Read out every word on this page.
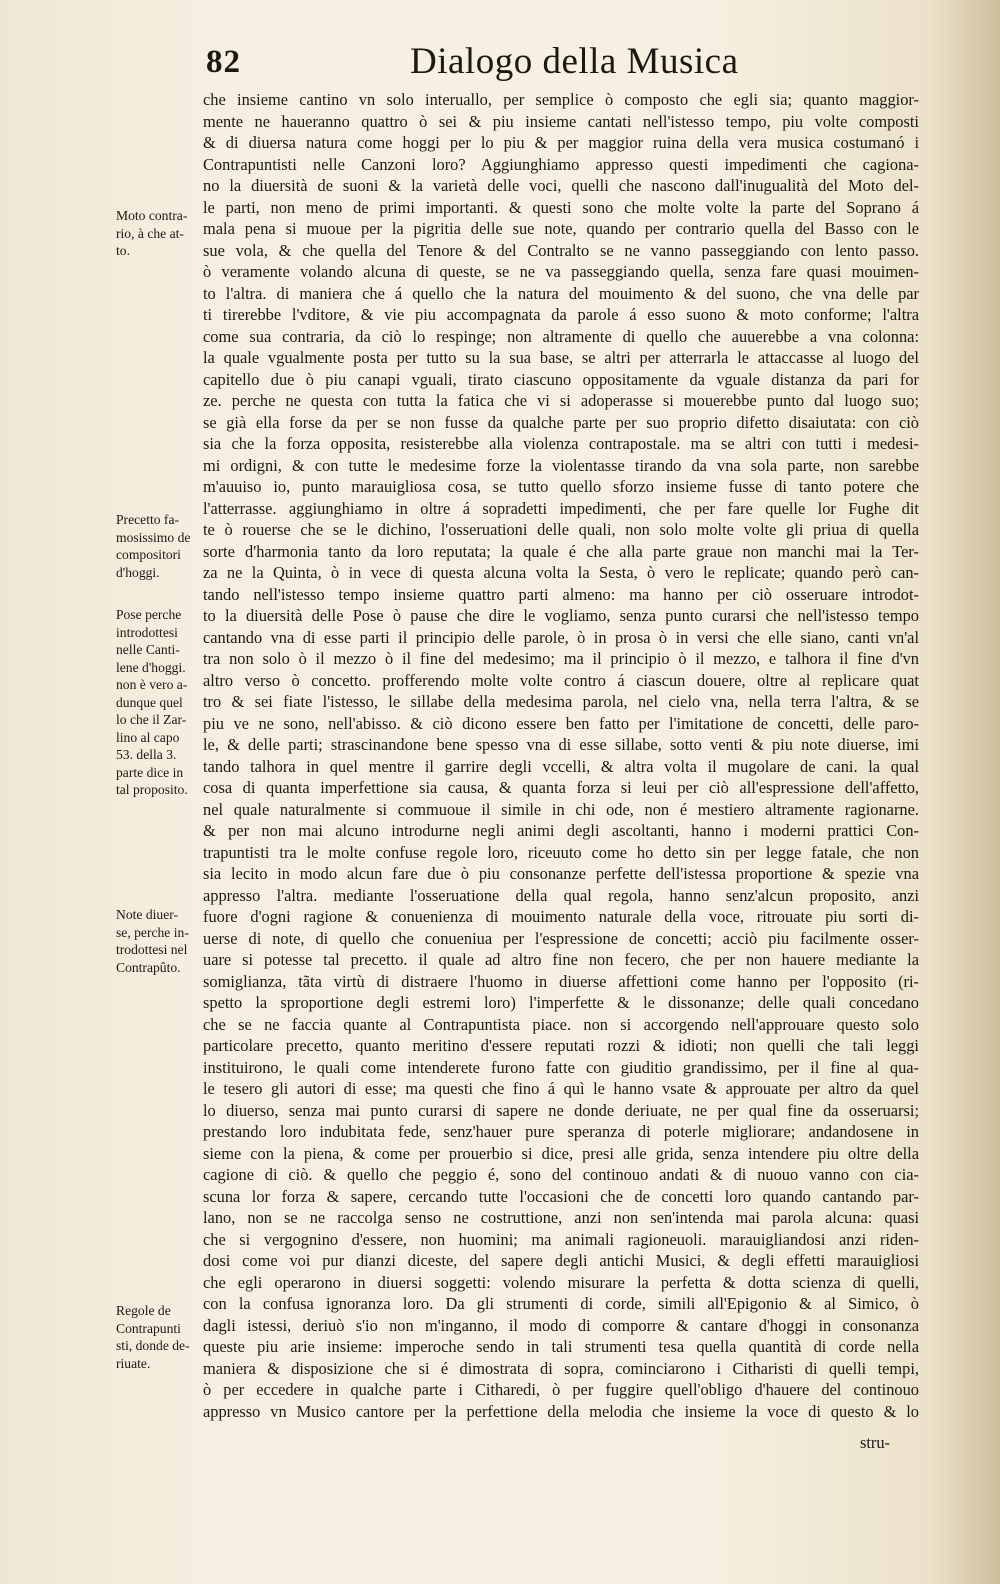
82	Dialogo della Musica
che insieme cantino vn solo interuallo, per semplice ò composto che egli sia; quanto maggior-
mente ne haueranno quattro ò sei & piu insieme cantati nell'istesso tempo, piu volte composti
& di diuersa natura come hoggi per lo piu & per maggior ruina della vera musica costumanó i
Contrapuntisti nelle Canzoni loro? Aggiunghiamo appresso questi impedimenti che cagiona-
no la diuersità de suoni & la varietà delle voci, quelli che nascono dall'inugualità del Moto del-
le parti, non meno de primi importanti. & questi sono che molte volte la parte del Soprano á
mala pena si muoue per la pigritia delle sue note, quando per contrario quella del Basso con le
sue vola, & che quella del Tenore & del Contralto se ne vanno passeggiando con lento passo.
ò veramente volando alcuna di queste, se ne va passeggiando quella, senza fare quasi mouimen-
to l'altra. di maniera che á quello che la natura del mouimento & del suono, che vna delle par
ti tirerebbe l'vditore, & vie piu accompagnata da parole á esso suono & moto conforme; l'altra
come sua contraria, da ciò lo respinge; non altramente di quello che auuerebbe a vna colonna:
la quale vgualmente posta per tutto su la sua base, se altri per atterrarla le attaccasse al luogo del
capitello due ò piu canapi vguali, tirato ciascuno oppositamente da vguale distanza da pari for
ze. perche ne questa con tutta la fatica che vi si adoperasse si mouerebbe punto dal luogo suo;
se già ella forse da per se non fusse da qualche parte per suo proprio difetto disaiutata: con ciò
sia che la forza opposita, resisterebbe alla violenza contrapostale. ma se altri con tutti i medesi-
mi ordigni, & con tutte le medesime forze la violentasse tirando da vna sola parte, non sarebbe
m'auuiso io, punto marauigliosa cosa, se tutto quello sforzo insieme fusse di tanto potere che
l'atterrasse. aggiunghiamo in oltre á sopradetti impedimenti, che per fare quelle lor Fughe dit
te ò rouerse che se le dichino, l'osseruationi delle quali, non solo molte volte gli priua di quella
sorte d'harmonia tanto da loro reputata; la quale é che alla parte graue non manchi mai la Ter-
za ne la Quinta, ò in vece di questa alcuna volta la Sesta, ò vero le replicate; quando però can-
tando nell'istesso tempo insieme quattro parti almeno: ma hanno per ciò osseruare introdot-
to la diuersità delle Pose ò pause che dire le vogliamo, senza punto curarsi che nell'istesso tempo
cantando vna di esse parti il principio delle parole, ò in prosa ò in versi che elle siano, canti vn'al
tra non solo ò il mezzo ò il fine del medesimo; ma il principio ò il mezzo, e talhora il fine d'vn
altro verso ò concetto. profferendo molte volte contro á ciascun douere, oltre al replicare quat
tro & sei fiate l'istesso, le sillabe della medesima parola, nel cielo vna, nella terra l'altra, & se
piu ve ne sono, nell'abisso. & ciò dicono essere ben fatto per l'imitatione de concetti, delle paro-
le, & delle parti; strascinandone bene spesso vna di esse sillabe, sotto venti & piu note diuerse, imi
tando talhora in quel mentre il garrire degli vccelli, & altra volta il mugolare de cani. la qual
cosa di quanta imperfettione sia causa, & quanta forza si leui per ciò all'espressione dell'affetto,
nel quale naturalmente si commuoue il simile in chi ode, non é mestiero altramente ragionarne.
& per non mai alcuno introdurne negli animi degli ascoltanti, hanno i moderni prattici Con-
trapuntisti tra le molte confuse regole loro, riceuuto come ho detto sin per legge fatale, che non
sia lecito in modo alcun fare due ò piu consonanze perfette dell'istessa proportione & spezie vna
appresso l'altra. mediante l'osseruatione della qual regola, hanno senz'alcun proposito, anzi
fuore d'ogni ragione & conuenienza di mouimento naturale della voce, ritrouate piu sorti di-
uerse di note, di quello che conueniua per l'espressione de concetti; acciò piu facilmente osser-
uare si potesse tal precetto. il quale ad altro fine non fecero, che per non hauere mediante la
somiglianza, tãta virtù di distraere l'huomo in diuerse affettioni come hanno per l'opposito (ri-
spetto la sproportione degli estremi loro) l'imperfette & le dissonanze; delle quali concedano
che se ne faccia quante al Contrapuntista piace. non si accorgendo nell'approuare questo solo
particolare precetto, quanto meritino d'essere reputati rozzi & idioti; non quelli che tali leggi
instituirono, le quali come intenderete furono fatte con giuditio grandissimo, per il fine al qua-
le tesero gli autori di esse; ma questi che fino á quì le hanno vsate & approuate per altro da quel
lo diuerso, senza mai punto curarsi di sapere ne donde deriuate, ne per qual fine da osseruarsi;
prestando loro indubitata fede, senz'hauer pure speranza di poterle migliorare; andandosene in
sieme con la piena, & come per prouerbio si dice, presi alle grida, senza intendere piu oltre della
cagione di ciò. & quello che peggio é, sono del continouo andati & di nuouo vanno con cia-
scuna lor forza & sapere, cercando tutte l'occasioni che de concetti loro quando cantando par-
lano, non se ne raccolga senso ne costruttione, anzi non sen'intenda mai parola alcuna: quasi
che si vergognino d'essere, non huomini; ma animali ragioneuoli. marauigliandosi anzi riden-
dosi come voi pur dianzi diceste, del sapere degli antichi Musici, & degli effetti marauigliosi
che egli operarono in diuersi soggetti: volendo misurare la perfetta & dotta scienza di quelli,
con la confusa ignoranza loro. Da gli strumenti di corde, simili all'Epigonio & al Simico, ò
dagli istessi, deriuò s'io non m'inganno, il modo di comporre & cantare d'hoggi in consonanza
queste piu arie insieme: imperoche sendo in tali strumenti tesa quella quantità di corde nella
maniera & disposizione che si é dimostrata di sopra, cominciarono i Citharisti di quelli tempi,
ò per eccedere in qualche parte i Citharedi, ò per fuggire quell'obligo d'hauere del continouo
appresso vn Musico cantore per la perfettione della melodia che insieme la voce di questo & lo
stru-
Moto contra-
rio, à che at-
to.
Precetto fa-
mosissimo de
compositori
d'hoggi.
Pose perche
introdottesi
nelle Canti-
lene d'hoggi.
non è vero a-
dunque quel
lo che il Zar-
lino al capo
53. della 3.
parte dice in
tal proposito.
Note diuer-
se, perche in-
trodottesi nel
Contrapûto.
Regole de
Contrapunti
sti, donde de-
riuate.
